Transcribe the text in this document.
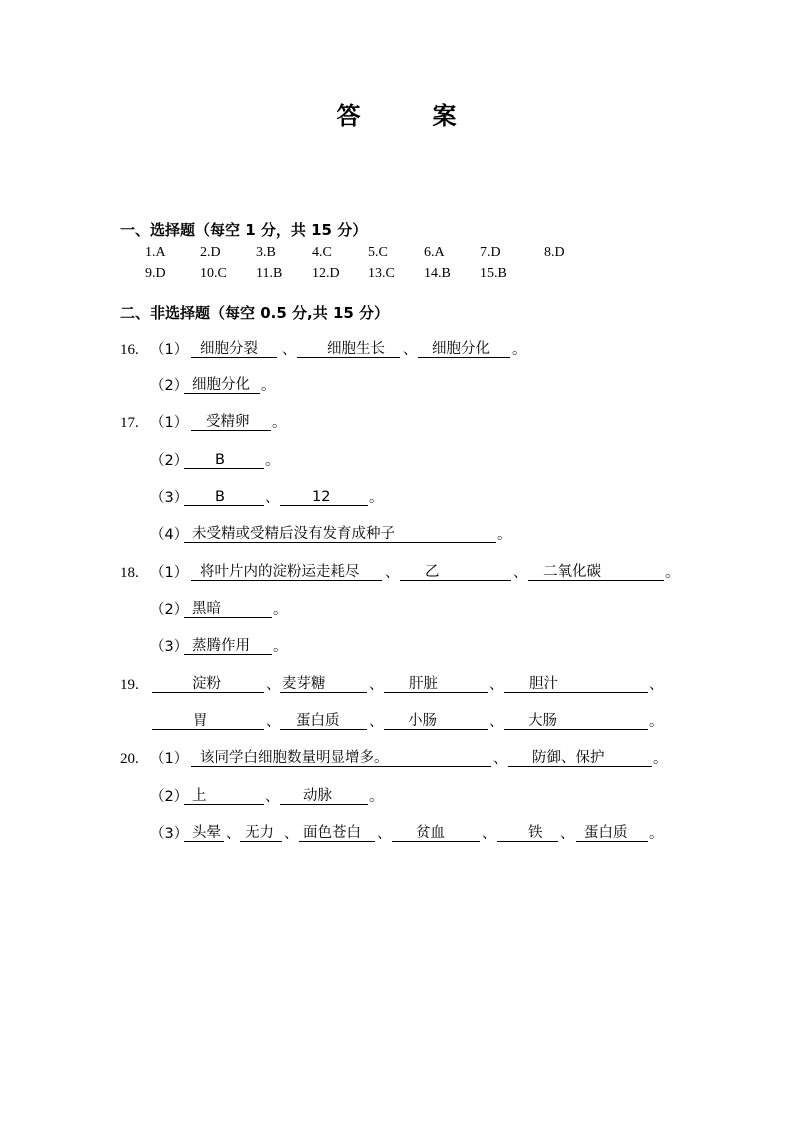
答　案
一、选择题（每空 1 分，共 15 分）
1.A 2.D	3.B	4.C	5.C	6.A	7.D	8.D
9.D 10.C 11.B 12.D 13.C 14.B 15.B
二、非选择题（每空 0.5 分,共 15 分）
16. （1） 细胞分裂	、	细胞生长	、	细胞分化	。
（2） 细胞分化 。
17. （1）	受精卵	。
（2）	B	。
（3）	B	、	12	。
（4） 未受精或受精后没有发育成种子	。
18. （1） 将叶片内的淀粉运走耗尽	、	乙	、	二氧化碳	。
（2） 黑暗	。
（3） 蒸腾作用	。
19.	淀粉	、 麦芽糖	、	肝脏	、	胆汁	、
胃	、	蛋白质	、	小肠	、	大肠	。
20. （1） 该同学白细胞数量明显增多。	、	防御、保护	。
（2） 上	、	动脉	。
（3） 头晕 、 无力 、 面色苍白	、	贫血	、	铁	、 蛋白质	。
